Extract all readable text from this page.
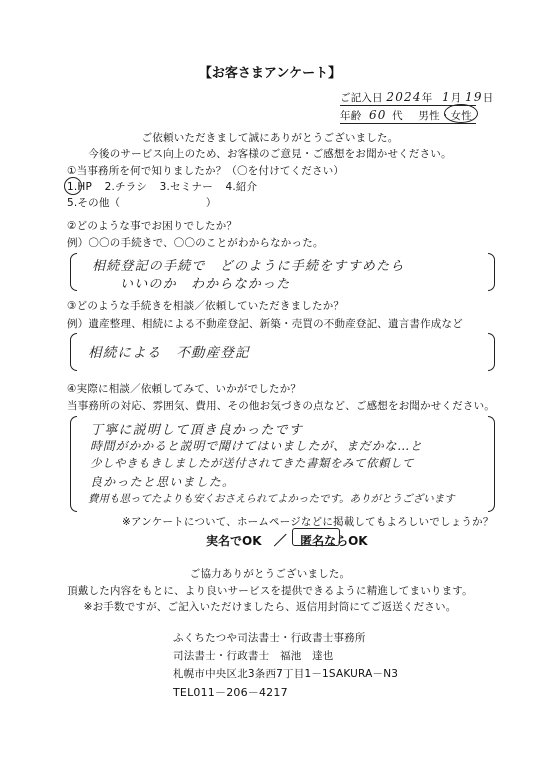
【お客さまアンケート】
ご記入日 2024年 1月 19日
年齢 60 代 男性・女性
ご依頼いただきまして誠にありがとうございました。
今後のサービス向上のため、お客様のご意見・ご感想をお聞かせください。
①当事務所を何で知りましたか？（〇を付けてください）
1.HP 2.チラシ 3.セミナー 4.紹介
5.その他（　　　　　　　　）
②どのような事でお困りでしたか？
例）〇〇の手続きで、〇〇のことがわからなかった。
相続登記の手続で　どのように手続をすすめたら
いいのか　わからなかった
③どのような手続きを相談／依頼していただきましたか？
例）遺産整理、相続による不動産登記、新築・売買の不動産登記、遺言書作成など
相続による　不動産登記
④実際に相談／依頼してみて、いかがでしたか？
当事務所の対応、雰囲気、費用、その他お気づきの点など、ご感想をお聞かせください。
丁寧に説明して頂き良かったです
時間がかかると説明で聞けてはいましたが、まだかな…と
少しやきもきしましたが送付されてきた書類をみて依頼して
良かったと思いました。
費用も思ってたよりも安くおさえられてよかったです。ありがとうございます
※アンケートについて、ホームページなどに掲載してもよろしいでしょうか？
実名でOK ／ 匿名ならOK
ご協力ありがとうございました。
頂戴した内容をもとに、より良いサービスを提供できるように精進してまいります。
※お手数ですが、ご記入いただけましたら、返信用封筒にてご返送ください。
ふくちたつや司法書士・行政書士事務所
司法書士・行政書士　福池　達也
札幌市中央区北3条西7丁目1－1SAKURA－N3
TEL011－206－4217
